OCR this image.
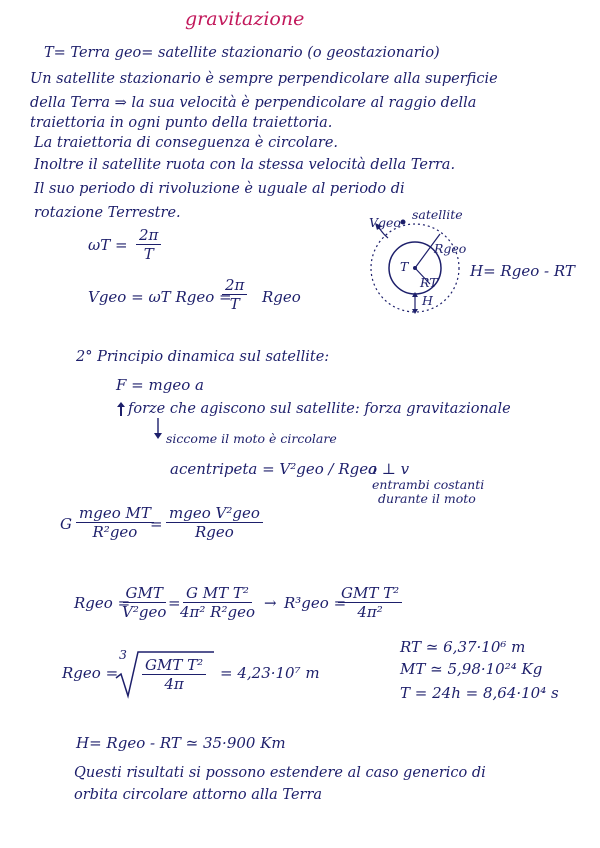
gravitazione
T= Terra geo= satellite stazionario (o geostazionario)
Un satellite stazionario è sempre perpendicolare alla superficie
della Terra ⇒ la sua velocità è perpendicolare al raggio della
traiettoria in ogni punto della traiettoria.
La traiettoria di conseguenza è circolare.
Inoltre il satellite ruota con la stessa velocità della Terra.
Il suo periodo di rivoluzione è uguale al periodo di
rotazione Terrestre.
$\omega T = \frac{2\pi}{T}$
Vgeo = ωT Rgeo =
$\frac{2\pi}{T}$ Rgeo
Vgeo
satellite
Rgeo
T
RT
H
H= Rgeo - RT
2° Principio dinamica sul satellite:
F = mgeo a
forze che agiscono sul satellite: forza gravitazionale
siccome il moto è circolare
acentripeta = V²geo / Rgeo
a ⊥ v
entrambi costanti
durante il moto
G
mgeo MT
R²geo =
mgeo V²geo
Rgeo
Rgeo =
GMT
V²geo =
G MT T²
4π² R²geo → R³geo =
GMT T²
4π²
Rgeo =
3
GMT T²
4π
= 4,23·10⁷ m
RT ≃ 6,37·10⁶ m
MT ≃ 5,98·10²⁴ Kg
T = 24h = 8,64·10⁴ s
H= Rgeo - RT ≃ 35·900 Km
Questi risultati si possono estendere al caso generico di
orbita circolare attorno alla Terra
